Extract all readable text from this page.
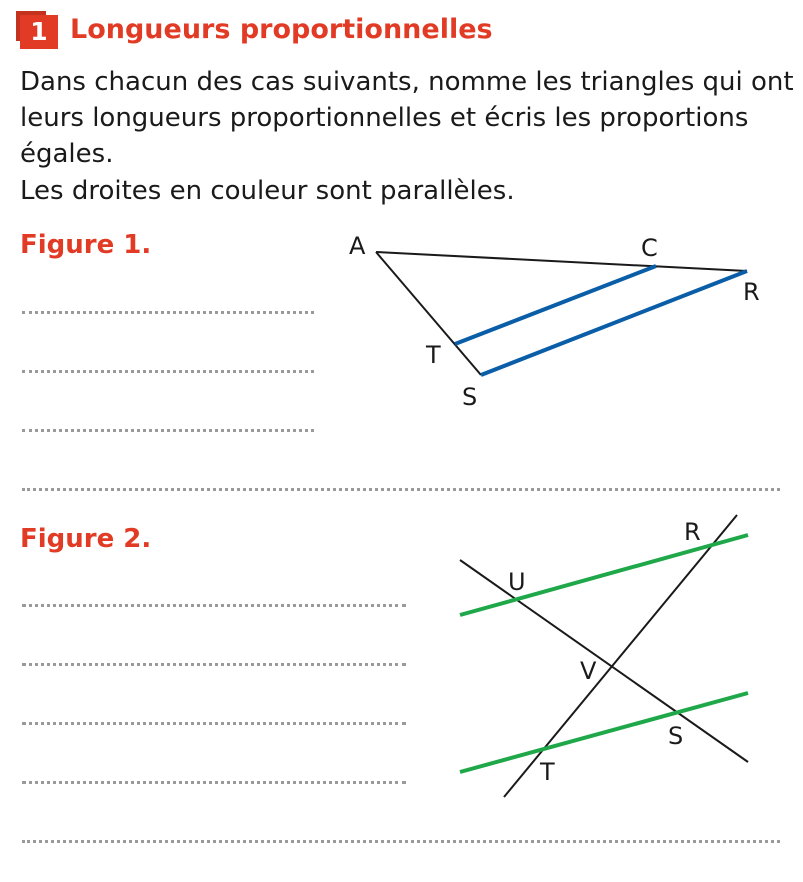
1 Longueurs proportionnelles

Dans chacun des cas suivants, nomme les triangles qui ont leurs longueurs proportionnelles et écris les proportions égales.

Les droites en couleur sont parallèles.

Figure 1.

Figure 2.

A	C
R
T
S
R
U
V
S
T
